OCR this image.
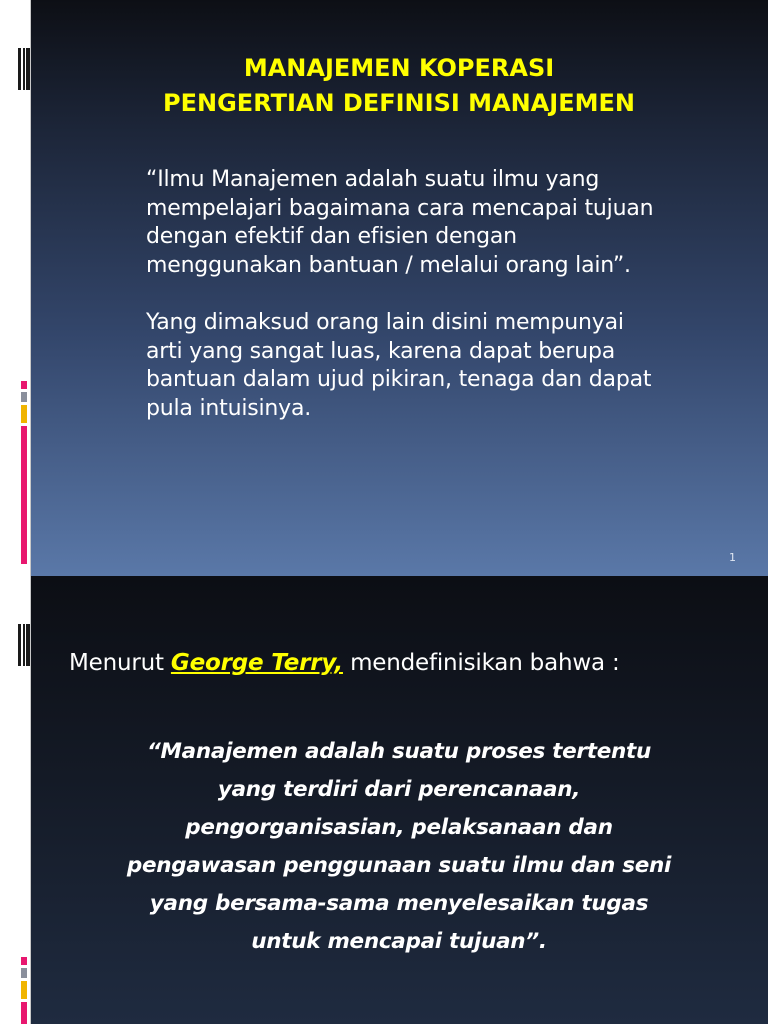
MANAJEMEN KOPERASI
PENGERTIAN DEFINISI MANAJEMEN
“Ilmu Manajemen adalah suatu ilmu yang
mempelajari bagaimana cara mencapai tujuan
dengan efektif dan efisien dengan
menggunakan bantuan / melalui orang lain”.
Yang dimaksud orang lain disini mempunyai
arti yang sangat luas, karena dapat berupa
bantuan dalam ujud pikiran, tenaga dan dapat
pula intuisinya.
1
Menurut George Terry, mendefinisikan bahwa :
“Manajemen adalah suatu proses tertentu
yang terdiri dari perencanaan,
pengorganisasian, pelaksanaan dan
pengawasan penggunaan suatu ilmu dan seni
yang bersama-sama menyelesaikan tugas
untuk mencapai tujuan”.
